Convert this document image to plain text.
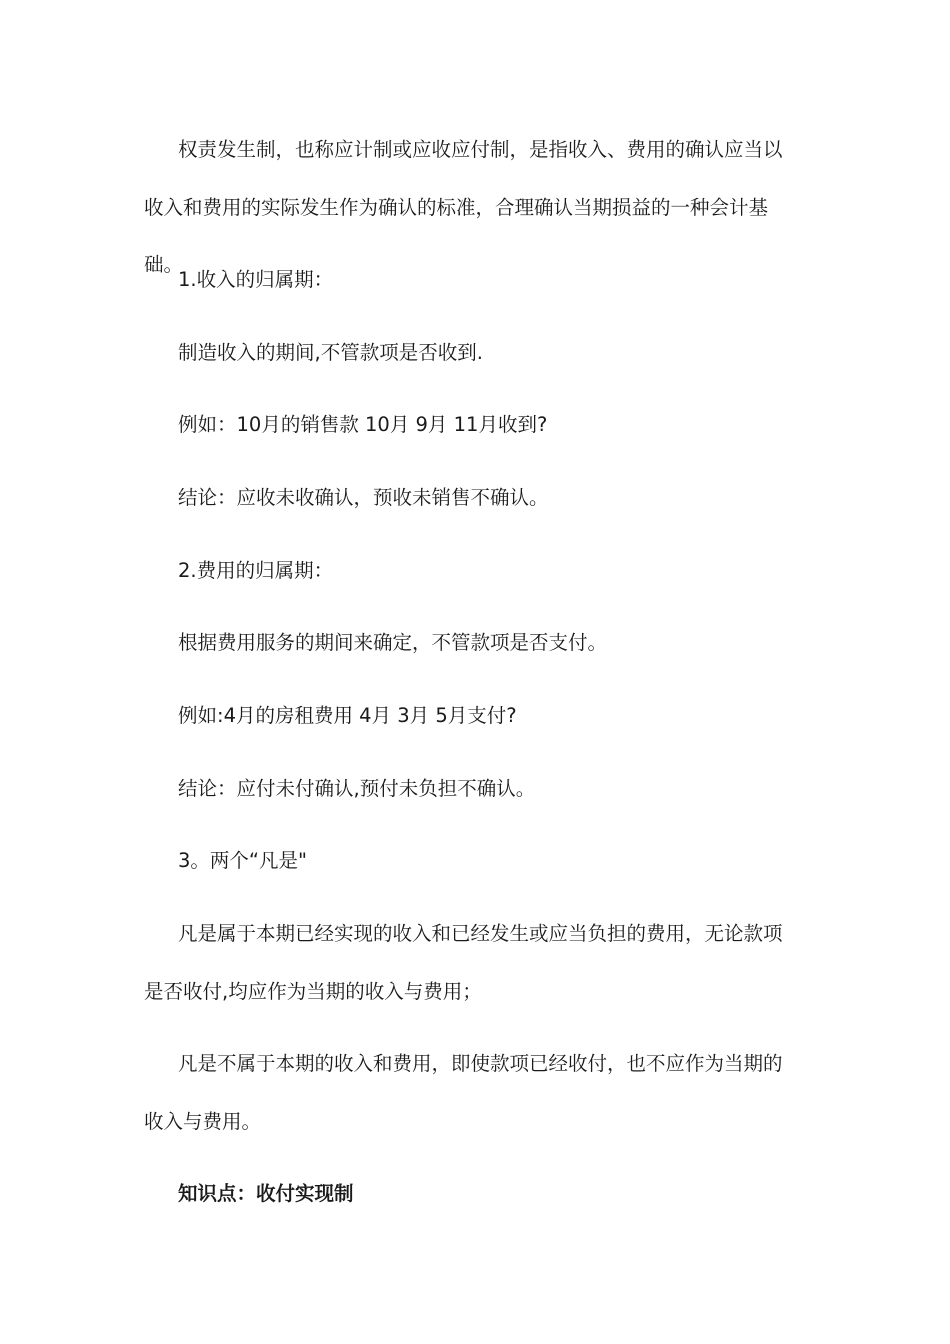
权责发生制，也称应计制或应收应付制，是指收入、费用的确认应当以收入和费用的实际发生作为确认的标准，合理确认当期损益的一种会计基础。

1.收入的归属期：

制造收入的期间,不管款项是否收到.

例如：10月的销售款 10月 9月 11月收到?

结论：应收未收确认，预收未销售不确认。

2.费用的归属期：

根据费用服务的期间来确定，不管款项是否支付。

例如:4月的房租费用 4月 3月 5月支付?

结论：应付未付确认,预付未负担不确认。

3。两个“凡是"

凡是属于本期已经实现的收入和已经发生或应当负担的费用，无论款项是否收付,均应作为当期的收入与费用；

凡是不属于本期的收入和费用，即使款项已经收付，也不应作为当期的收入与费用。

知识点：收付实现制
